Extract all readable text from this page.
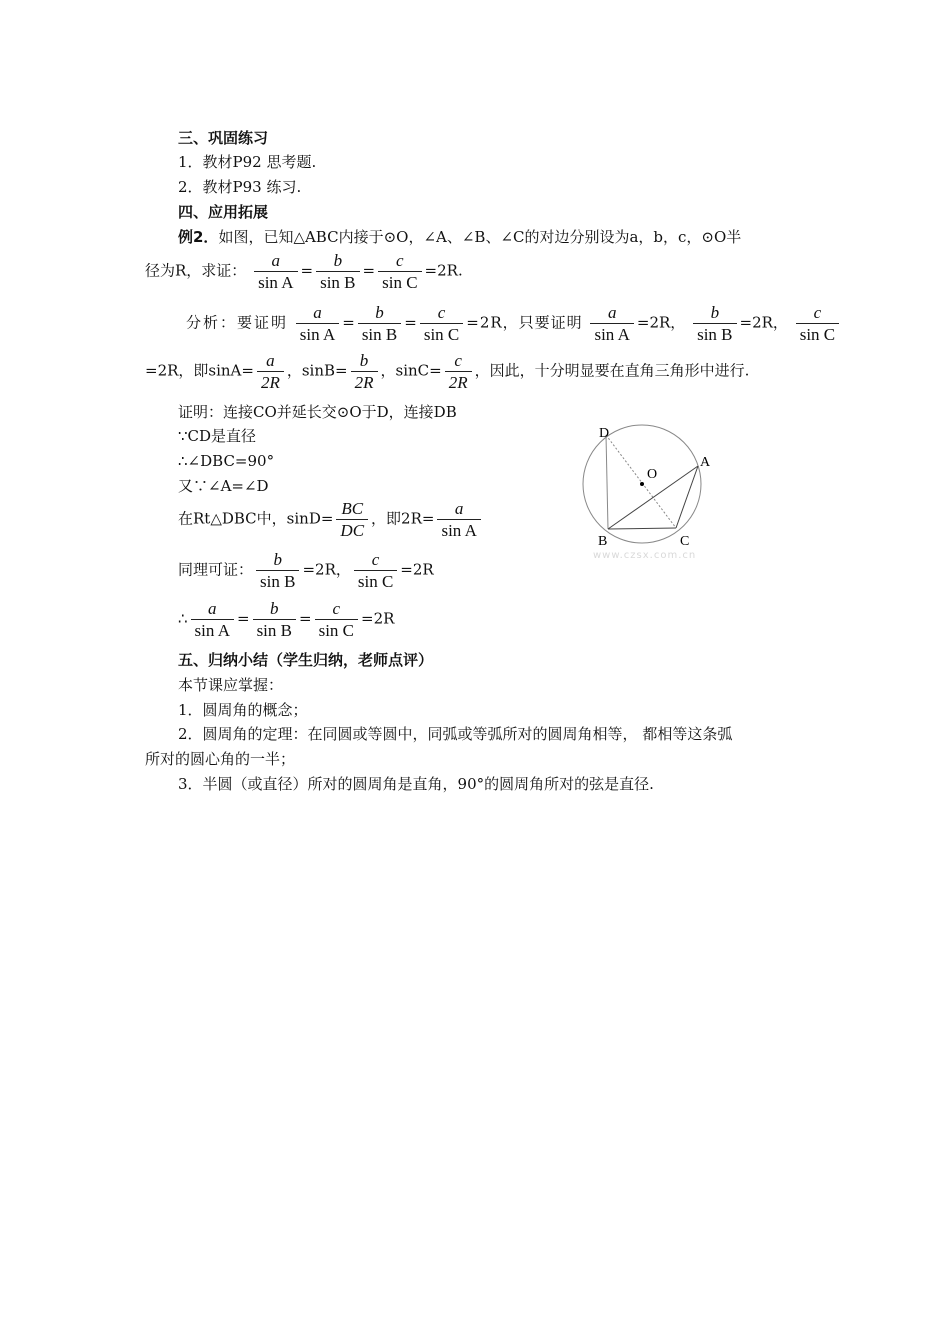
三、巩固练习
1．教材P92 思考题.
2．教材P93 练习.
四、应用拓展
例2．如图，已知△ABC内接于⊙O，∠A、∠B、∠C的对边分别设为a，b，c，⊙O半
径为R，求证： $\frac{a}{\text{sin A}} = \frac{b}{\text{sin B}} = \frac{c}{\text{sin C}} =2R$.
分析：要证明 $\frac{a}{\text{sin A}} = \frac{b}{\text{sin B}} = \frac{c}{\text{sin C}} =2R$，只要证明 $\frac{a}{\text{sin A}} =2R$， $\frac{b}{\text{sin B}} =2R$， $\frac{c}{\text{sin C}}$
=2R，即$\sin A= \frac{a}{2R}$ ，$\sin B= \frac{b}{2R}$ ，$\sin C= \frac{c}{2R}$ ，因此，十分明显要在直角三角形中进行.
证明：连接CO并延长交⊙O于D，连接DB
∵CD是直径
∴∠DBC=90°
又∵∠A=∠D
在Rt△DBC中，$\sin D= \frac{BC}{DC}$ ，即$2R= \frac{a}{\text{sin A}}$
同理可证： $\frac{b}{\text{sin B}} =2R$， $\frac{c}{\text{sin C}} =2R$
∴ $\frac{a}{\text{sin A}} = \frac{b}{\text{sin B}} = \frac{c}{\text{sin C}} =2R$
D
A
O
B	C
www.czsx.com.cn
五、归纳小结（学生归纳，老师点评）
本节课应掌握：
1．圆周角的概念；
2．圆周角的定理：在同圆或等圆中，同弧或等弧所对的圆周角相等， 都相等这条弧
所对的圆心角的一半；
3．半圆（或直径）所对的圆周角是直角，90°的圆周角所对的弦是直径.
